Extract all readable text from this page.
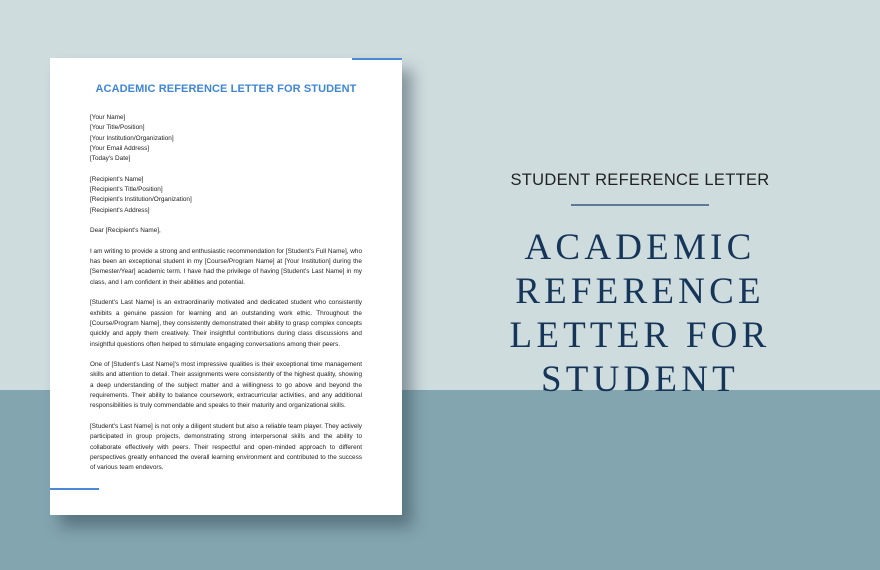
ACADEMIC REFERENCE LETTER FOR STUDENT
[Your Name]
[Your Title/Position]
[Your Institution/Organization]
[Your Email Address]
[Today's Date]
[Recipient's Name]
[Recipient's Title/Position]
[Recipient's Institution/Organization]
[Recipient's Address]
Dear [Recipient's Name],
I am writing to provide a strong and enthusiastic recommendation for [Student's Full Name], who
has been an exceptional student in my [Course/Program Name] at [Your Institution] during the
[Semester/Year] academic term. I have had the privilege of having [Student's Last Name] in my
class, and I am confident in their abilities and potential.
[Student's Last Name] is an extraordinarily motivated and dedicated student who consistently
exhibits a genuine passion for learning and an outstanding work ethic. Throughout the
[Course/Program Name], they consistently demonstrated their ability to grasp complex concepts
quickly and apply them creatively. Their insightful contributions during class discussions and
insightful questions often helped to stimulate engaging conversations among their peers.
One of [Student's Last Name]'s most impressive qualities is their exceptional time management
skills and attention to detail. Their assignments were consistently of the highest quality, showing
a deep understanding of the subject matter and a willingness to go above and beyond the
requirements. Their ability to balance coursework, extracurricular activities, and any additional
responsibilities is truly commendable and speaks to their maturity and organizational skills.
[Student's Last Name] is not only a diligent student but also a reliable team player. They actively
participated in group projects, demonstrating strong interpersonal skills and the ability to
collaborate effectively with peers. Their respectful and open-minded approach to different
perspectives greatly enhanced the overall learning environment and contributed to the success
of various team endevors.
STUDENT REFERENCE LETTER
ACADEMIC REFERENCE
LETTER FOR
STUDENT
